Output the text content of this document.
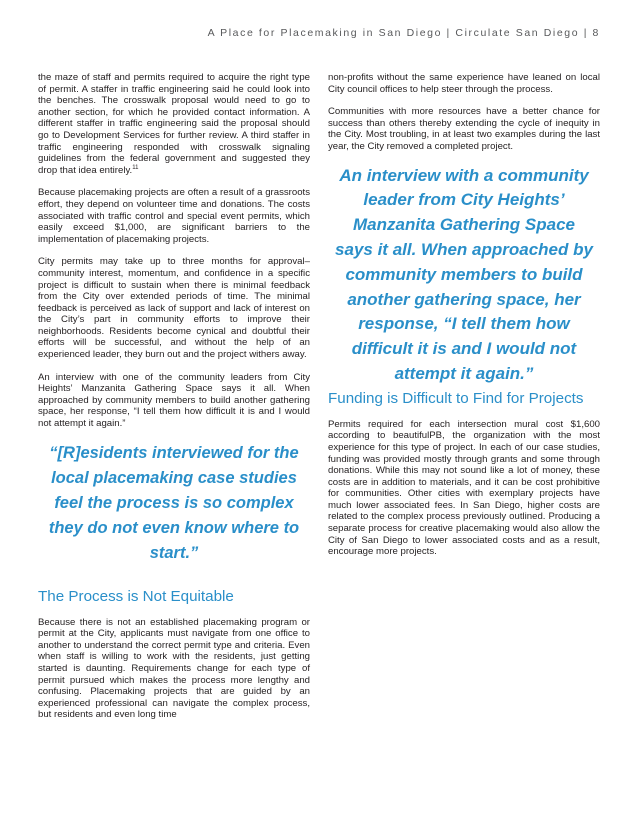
A Place for Placemaking in San Diego | Circulate San Diego | 8

the maze of staff and permits required to acquire the right type of permit. A staffer in traffic engineering said he could look into the benches. The crosswalk proposal would need to go to another section, for which he provided contact information. A different staffer in traffic engineering said the proposal should go to Development Services for further review. A third staffer in traffic engineering responded with crosswalk signaling guidelines from the federal government and suggested they drop that idea entirely.$^{11}$

Because placemaking projects are often a result of a grassroots effort, they depend on volunteer time and donations. The costs associated with traffic control and special event permits, which easily exceed $1,000, are significant barriers to the implementation of placemaking projects.

City permits may take up to three months for approval– community interest, momentum, and confidence in a specific project is difficult to sustain when there is minimal feedback from the City over extended periods of time. The minimal feedback is perceived as lack of support and lack of interest on the City’s part in community efforts to improve their neighborhoods. Residents become cynical and doubtful their efforts will be successful, and without the help of an experienced leader, they burn out and the project withers away.

An interview with one of the community leaders from City Heights’ Manzanita Gathering Space says it all. When approached by community members to build another gathering space, her response, “I tell them how difficult it is and I would not attempt it again.”

“[R]esidents interviewed for the local placemaking case studies feel the process is so complex they do not even know where to start.”
The Process is Not Equitable

Because there is not an established placemaking program or permit at the City, applicants must navigate from one office to another to understand the correct permit type and criteria. Even when staff is willing to work with the residents, just getting started is daunting. Requirements change for each type of permit pursued which makes the process more lengthy and confusing. Placemaking projects that are guided by an experienced professional can navigate the complex process, but residents and even long time

non-profits without the same experience have leaned on local City council offices to help steer through the process.

Communities with more resources have a better chance for success than others thereby extending the cycle of inequity in the City. Most troubling, in at least two examples during the last year, the City removed a completed project.

An interview with a community leader from City Heights’ Manzanita Gathering Space says it all. When approached by community members to build another gathering space, her response, “I tell them how difficult it is and I would not attempt it again.”
Funding is Difficult to Find for Projects

Permits required for each intersection mural cost $1,600 according to beautifulPB, the organization with the most experience for this type of project. In each of our case studies, funding was provided mostly through grants and some through donations. While this may not sound like a lot of money, these costs are in addition to materials, and it can be cost prohibitive for communities. Other cities with exemplary projects have much lower associated fees. In San Diego, higher costs are related to the complex process previously outlined. Producing a separate process for creative placemaking would also allow the City of San Diego to lower associated costs and as a result, encourage more projects.
